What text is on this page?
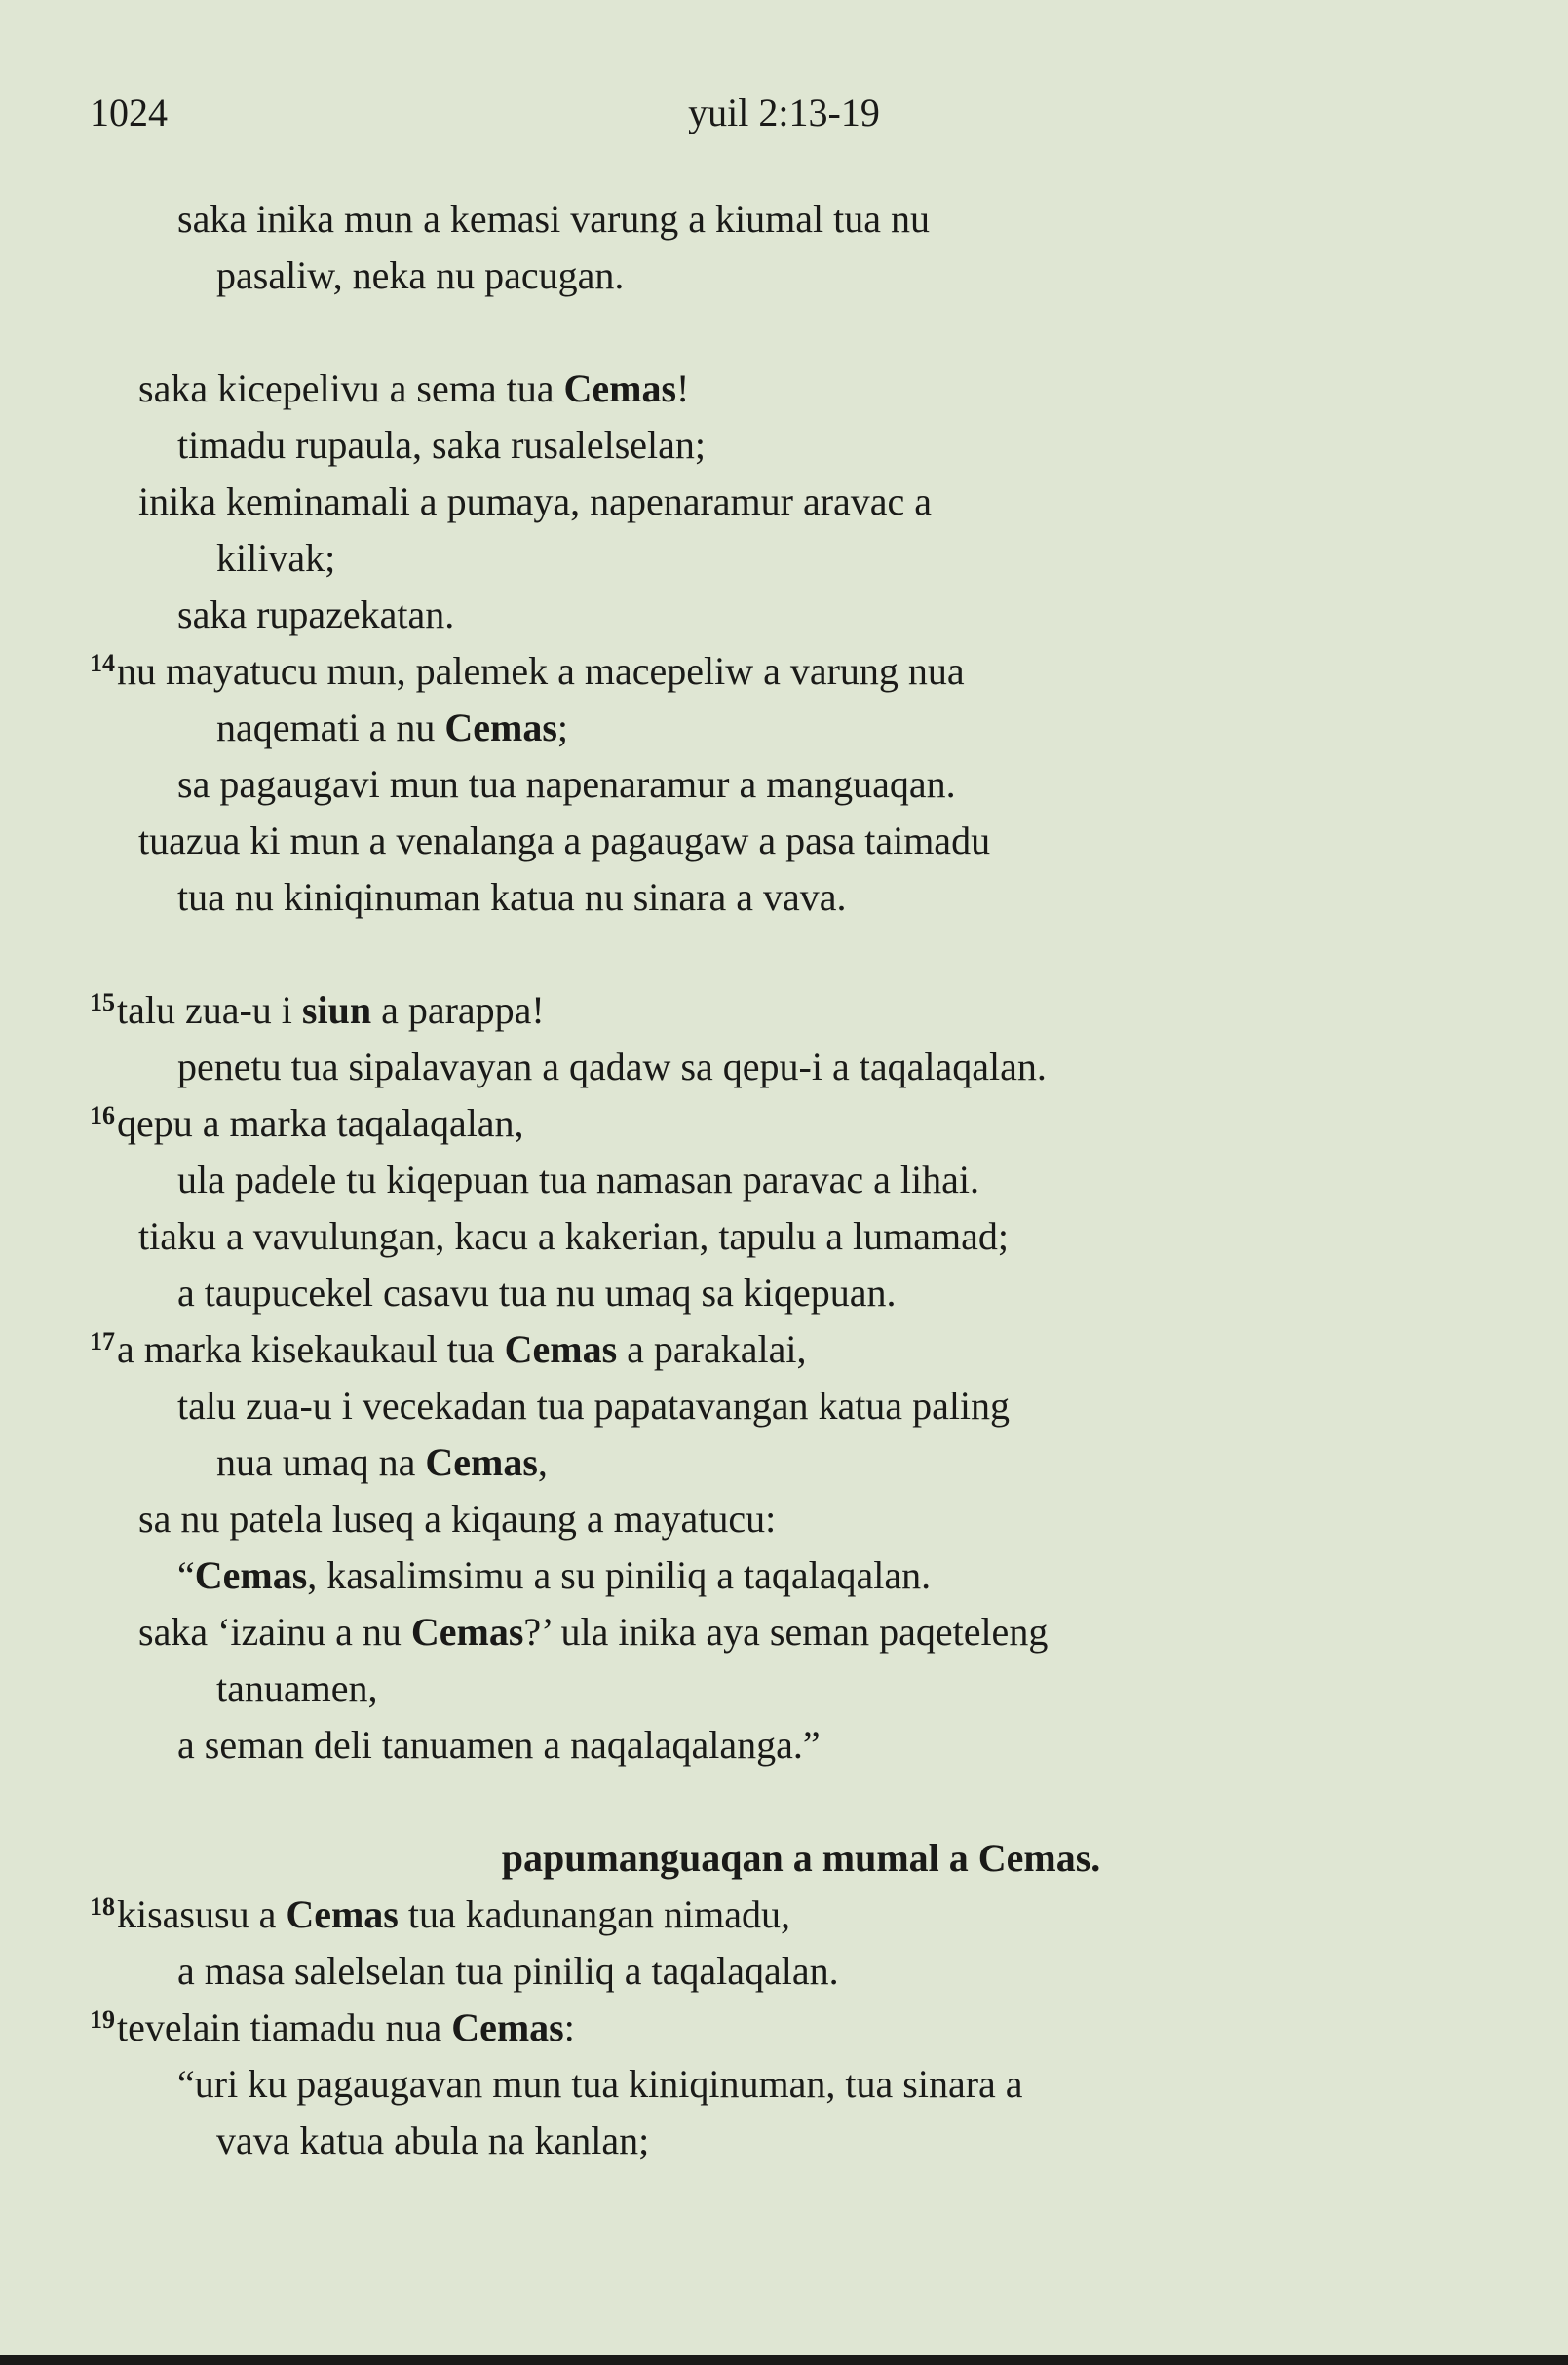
1024	yuil 2:13-19
saka inika mun a kemasi varung a kiumal tua nu
pasaliw, neka nu pacugan.
saka kicepelivu a sema tua Cemas!
timadu rupaula, saka rusalelselan;
inika keminamali a pumaya, napenaramur aravac a
kilivak;
saka rupazekatan.
$^{14}$nu mayatucu mun, palemek a macepeliw a varung nua
naqemati a nu Cemas;
sa pagaugavi mun tua napenaramur a manguaqan.
tuazua ki mun a venalanga a pagaugaw a pasa taimadu
tua nu kiniqinuman katua nu sinara a vava.
$^{15}$talu zua-u i siun a parappa!
penetu tua sipalavayan a qadaw sa qepu-i a taqalaqalan.
$^{16}$qepu a marka taqalaqalan,
ula padele tu kiqepuan tua namasan paravac a lihai.
tiaku a vavulungan, kacu a kakerian, tapulu a lumamad;
a taupucekel casavu tua nu umaq sa kiqepuan.
$^{17}$a marka kisekaukaul tua Cemas a parakalai,
talu zua-u i vecekadan tua papatavangan katua paling
nua umaq na Cemas,
sa nu patela luseq a kiqaung a mayatucu:
“Cemas, kasalimsimu a su piniliq a taqalaqalan.
saka ‘izainu a nu Cemas?’ ula inika aya seman paqeteleng
tanuamen,
a seman deli tanuamen a naqalaqalanga.”
papumanguaqan a mumal a Cemas.
$^{18}$kisasusu a Cemas tua kadunangan nimadu,
a masa salelselan tua piniliq a taqalaqalan.
$^{19}$tevelain tiamadu nua Cemas:
“uri ku pagaugavan mun tua kiniqinuman, tua sinara a
vava katua abula na kanlan;
